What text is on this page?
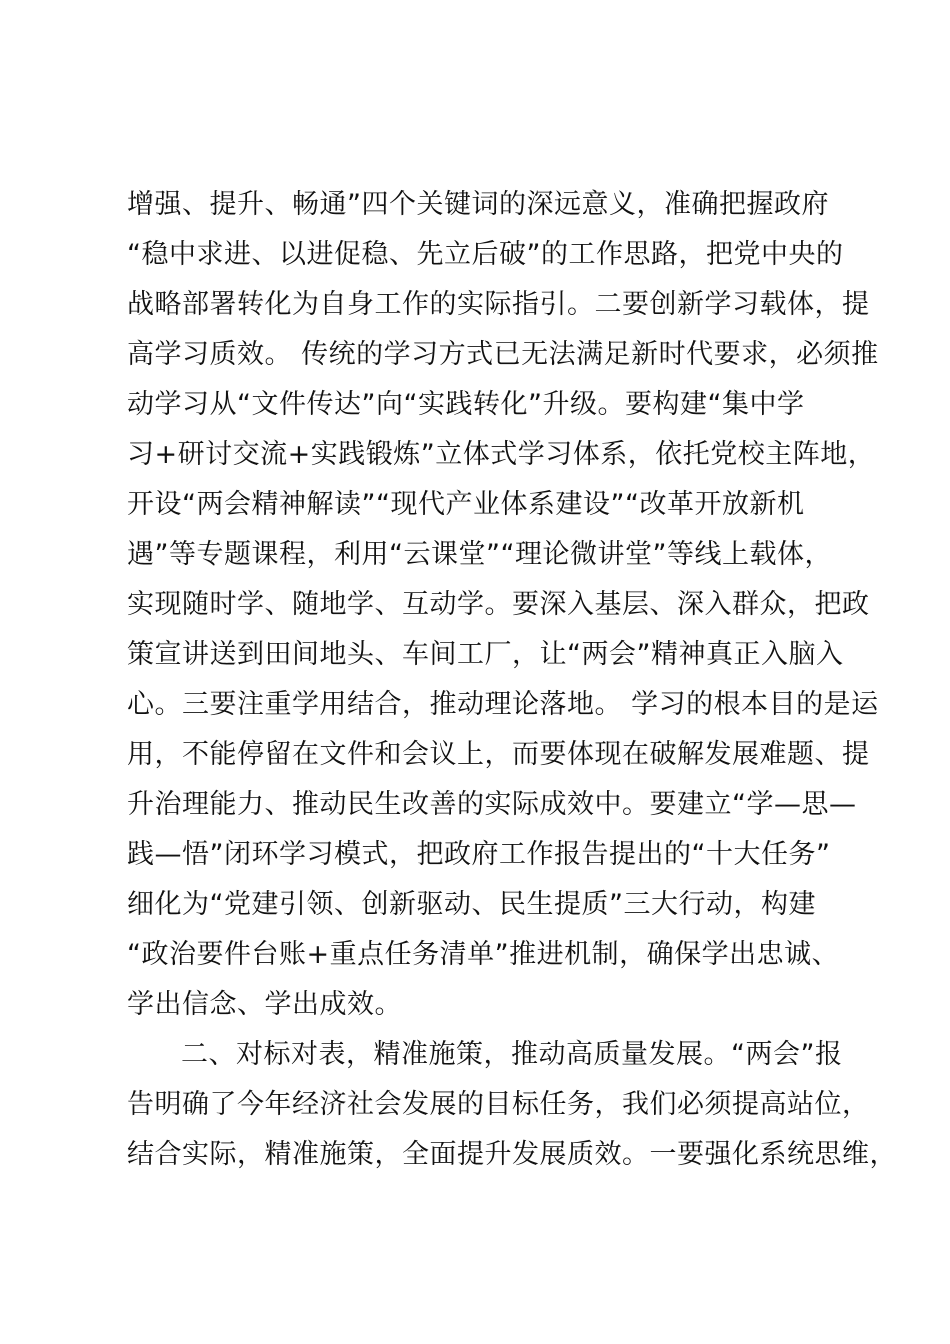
增强、提升、畅通”四个关键词的深远意义，准确把握政府
“稳中求进、以进促稳、先立后破”的工作思路，把党中央的
战略部署转化为自身工作的实际指引。二要创新学习载体，提
高学习质效。 传统的学习方式已无法满足新时代要求，必须推
动学习从“文件传达”向“实践转化”升级。要构建“集中学
习+研讨交流+实践锻炼”立体式学习体系，依托党校主阵地，
开设“两会精神解读”“现代产业体系建设”“改革开放新机
遇”等专题课程，利用“云课堂”“理论微讲堂”等线上载体，
实现随时学、随地学、互动学。要深入基层、深入群众，把政
策宣讲送到田间地头、车间工厂，让“两会”精神真正入脑入
心。三要注重学用结合，推动理论落地。 学习的根本目的是运
用，不能停留在文件和会议上，而要体现在破解发展难题、提
升治理能力、推动民生改善的实际成效中。要建立“学—思—
践—悟”闭环学习模式，把政府工作报告提出的“十大任务”
细化为“党建引领、创新驱动、民生提质”三大行动，构建
“政治要件台账+重点任务清单”推进机制，确保学出忠诚、
学出信念、学出成效。
二、对标对表，精准施策，推动高质量发展。“两会”报
告明确了今年经济社会发展的目标任务，我们必须提高站位，
结合实际，精准施策，全面提升发展质效。一要强化系统思维，
